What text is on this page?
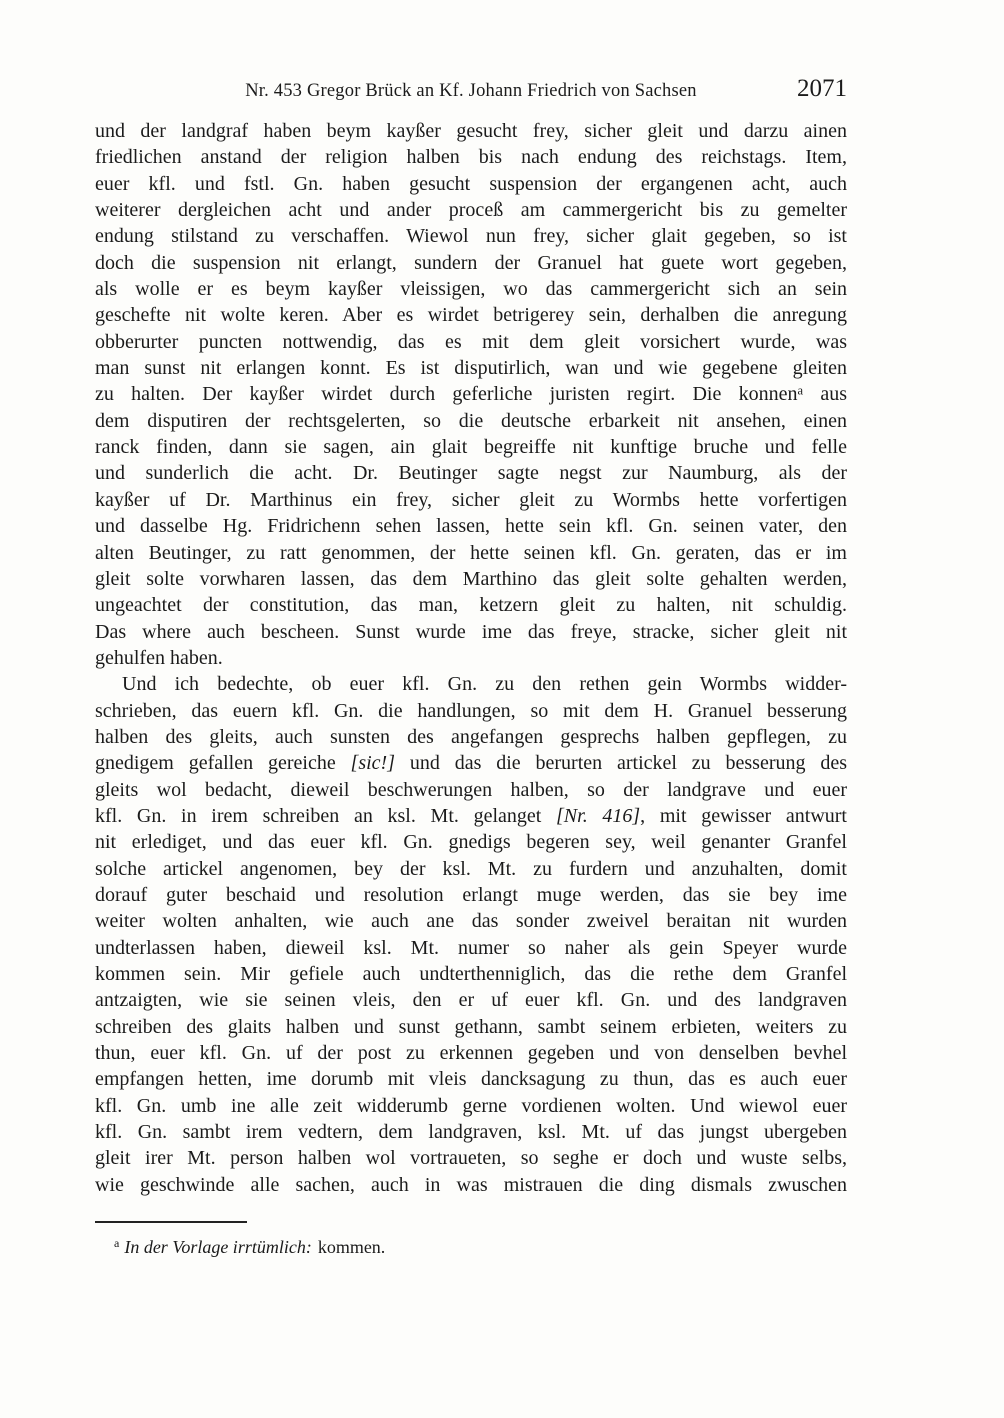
Nr. 453 Gregor Brück an Kf. Johann Friedrich von Sachsen	2071
und der landgraf haben beym kayßer gesucht frey, sicher gleit und darzu ainen
friedlichen anstand der religion halben bis nach endung des reichstags. Item,
euer kfl. und fstl. Gn. haben gesucht suspension der ergangenen acht, auch
weiterer dergleichen acht und ander proceß am cammergericht bis zu gemelter
endung stilstand zu verschaffen. Wiewol nun frey, sicher glait gegeben, so ist
doch die suspension nit erlangt, sundern der Granuel hat guete wort gegeben,
als wolle er es beym kayßer vleissigen, wo das cammergericht sich an sein
geschefte nit wolte keren. Aber es wirdet betrigerey sein, derhalben die anregung
obberurter puncten nottwendig, das es mit dem gleit vorsichert wurde, was
man sunst nit erlangen konnt. Es ist disputirlich, wan und wie gegebene gleiten
zu halten. Der kayßer wirdet durch geferliche juristen regirt. Die konnen$^a$ aus
dem disputiren der rechtsgelerten, so die deutsche erbarkeit nit ansehen, einen
ranck finden, dann sie sagen, ain glait begreiffe nit kunftige bruche und felle
und sunderlich die acht. Dr. Beutinger sagte negst zur Naumburg, als der
kayßer uf Dr. Marthinus ein frey, sicher gleit zu Wormbs hette vorfertigen
und dasselbe Hg. Fridrichenn sehen lassen, hette sein kfl. Gn. seinen vater, den
alten Beutinger, zu ratt genommen, der hette seinen kfl. Gn. geraten, das er im
gleit solte vorwharen lassen, das dem Marthino das gleit solte gehalten werden,
ungeachtet der constitution, das man, ketzern gleit zu halten, nit schuldig.
Das where auch bescheen. Sunst wurde ime das freye, stracke, sicher gleit nit
gehulfen haben.
Und ich bedechte, ob euer kfl. Gn. zu den rethen gein Wormbs widder-
schrieben, das euern kfl. Gn. die handlungen, so mit dem H. Granuel besserung
halben des gleits, auch sunsten des angefangen gesprechs halben gepflegen, zu
gnedigem gefallen gereiche [sic!] und das die berurten artickel zu besserung des
gleits wol bedacht, dieweil beschwerungen halben, so der landgrave und euer
kfl. Gn. in irem schreiben an ksl. Mt. gelanget [Nr. 416], mit gewisser antwurt
nit erlediget, und das euer kfl. Gn. gnedigs begeren sey, weil genanter Granfel
solche artickel angenomen, bey der ksl. Mt. zu furdern und anzuhalten, domit
dorauf guter beschaid und resolution erlangt muge werden, das sie bey ime
weiter wolten anhalten, wie auch ane das sonder zweivel beraitan nit wurden
undterlassen haben, dieweil ksl. Mt. numer so naher als gein Speyer wurde
kommen sein. Mir gefiele auch undterthenniglich, das die rethe dem Granfel
antzaigten, wie sie seinen vleis, den er uf euer kfl. Gn. und des landgraven
schreiben des glaits halben und sunst gethann, sambt seinem erbieten, weiters zu
thun, euer kfl. Gn. uf der post zu erkennen gegeben und von denselben bevhel
empfangen hetten, ime dorumb mit vleis dancksagung zu thun, das es auch euer
kfl. Gn. umb ine alle zeit widderumb gerne vordienen wolten. Und wiewol euer
kfl. Gn. sambt irem vedtern, dem landgraven, ksl. Mt. uf das jungst ubergeben
gleit irer Mt. person halben wol vortraueten, so seghe er doch und wuste selbs,
wie geschwinde alle sachen, auch in was mistrauen die ding dismals zwuschen
$^a$ In der Vorlage irrtümlich: kommen.
